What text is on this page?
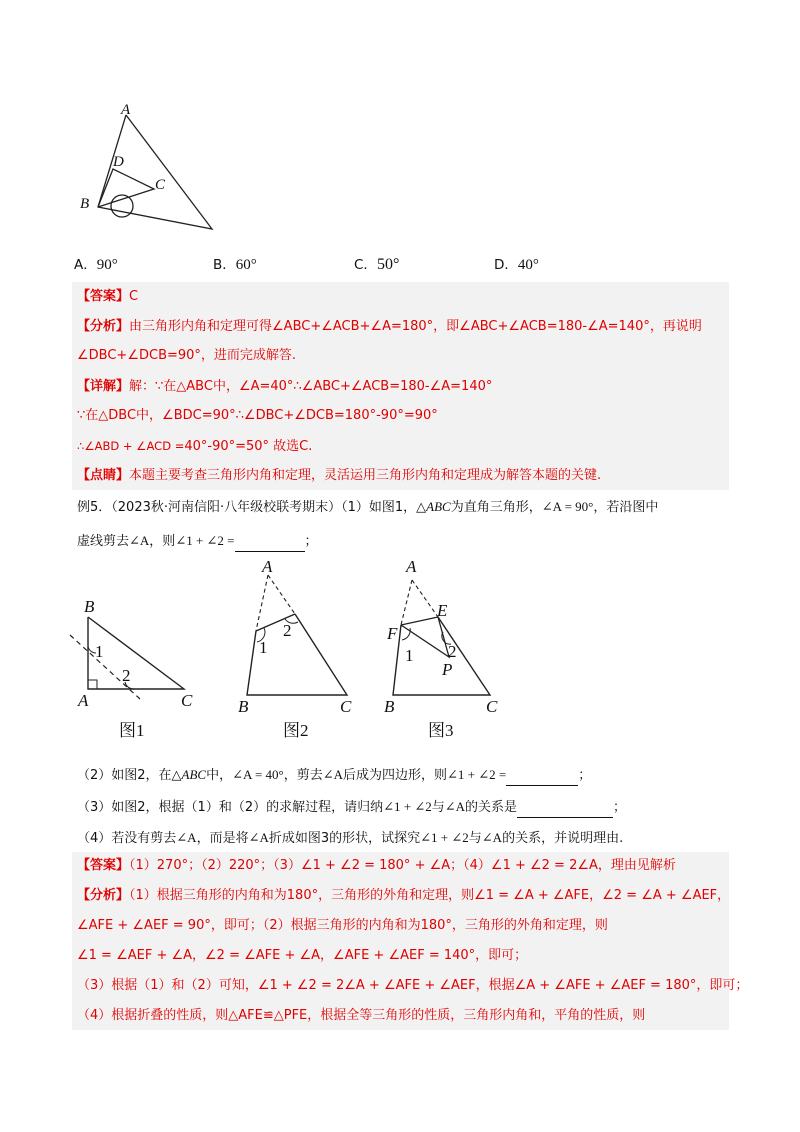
A
D
C
B
A．90°	B．60°	C．50°	D．40°
【答案】C
【分析】由三角形内角和定理可得∠ABC+∠ACB+∠A=180°，即∠ABC+∠ACB=180-∠A=140°，再说明
∠DBC+∠DCB=90°，进而完成解答.
【详解】解：∵在△ABC中，∠A=40°∴∠ABC+∠ACB=180-∠A=140°
∵在△DBC中，∠BDC=90°∴∠DBC+∠DCB=180°-90°=90°
∴∠ABD + ∠ACD =40°-90°=50° 故选C.
【点睛】本题主要考查三角形内角和定理，灵活运用三角形内角和定理成为解答本题的关键.
例5．（2023秋·河南信阳·八年级校联考期末）（1）如图1，△ABC为直角三角形，∠A = 90°，若沿图中
虚线剪去∠A，则∠1 + ∠2 =	；
B
1
2
A	C
图1
A
2
1
B	C
图2
A
E
F
1 2
P
B	C
图3
（2）如图2，在△ABC中，∠A = 40°，剪去∠A后成为四边形，则∠1 + ∠2 =	；
（3）如图2，根据（1）和（2）的求解过程，请归纳∠1 + ∠2与∠A的关系是	；
（4）若没有剪去∠A，而是将∠A折成如图3的形状，试探究∠1 + ∠2与∠A的关系，并说明理由.
【答案】（1）270°；（2）220°；（3）∠1 + ∠2 = 180° + ∠A；（4）∠1 + ∠2 = 2∠A，理由见解析
【分析】（1）根据三角形的内角和为180°，三角形的外角和定理，则∠1 = ∠A + ∠AFE，∠2 = ∠A + ∠AEF，
∠AFE + ∠AEF = 90°，即可；（2）根据三角形的内角和为180°，三角形的外角和定理，则
∠1 = ∠AEF + ∠A，∠2 = ∠AFE + ∠A，∠AFE + ∠AEF = 140°，即可；
（3）根据（1）和（2）可知，∠1 + ∠2 = 2∠A + ∠AFE + ∠AEF，根据∠A + ∠AFE + ∠AEF = 180°，即可；
（4）根据折叠的性质，则△AFE≌△PFE，根据全等三角形的性质，三角形内角和，平角的性质，则
